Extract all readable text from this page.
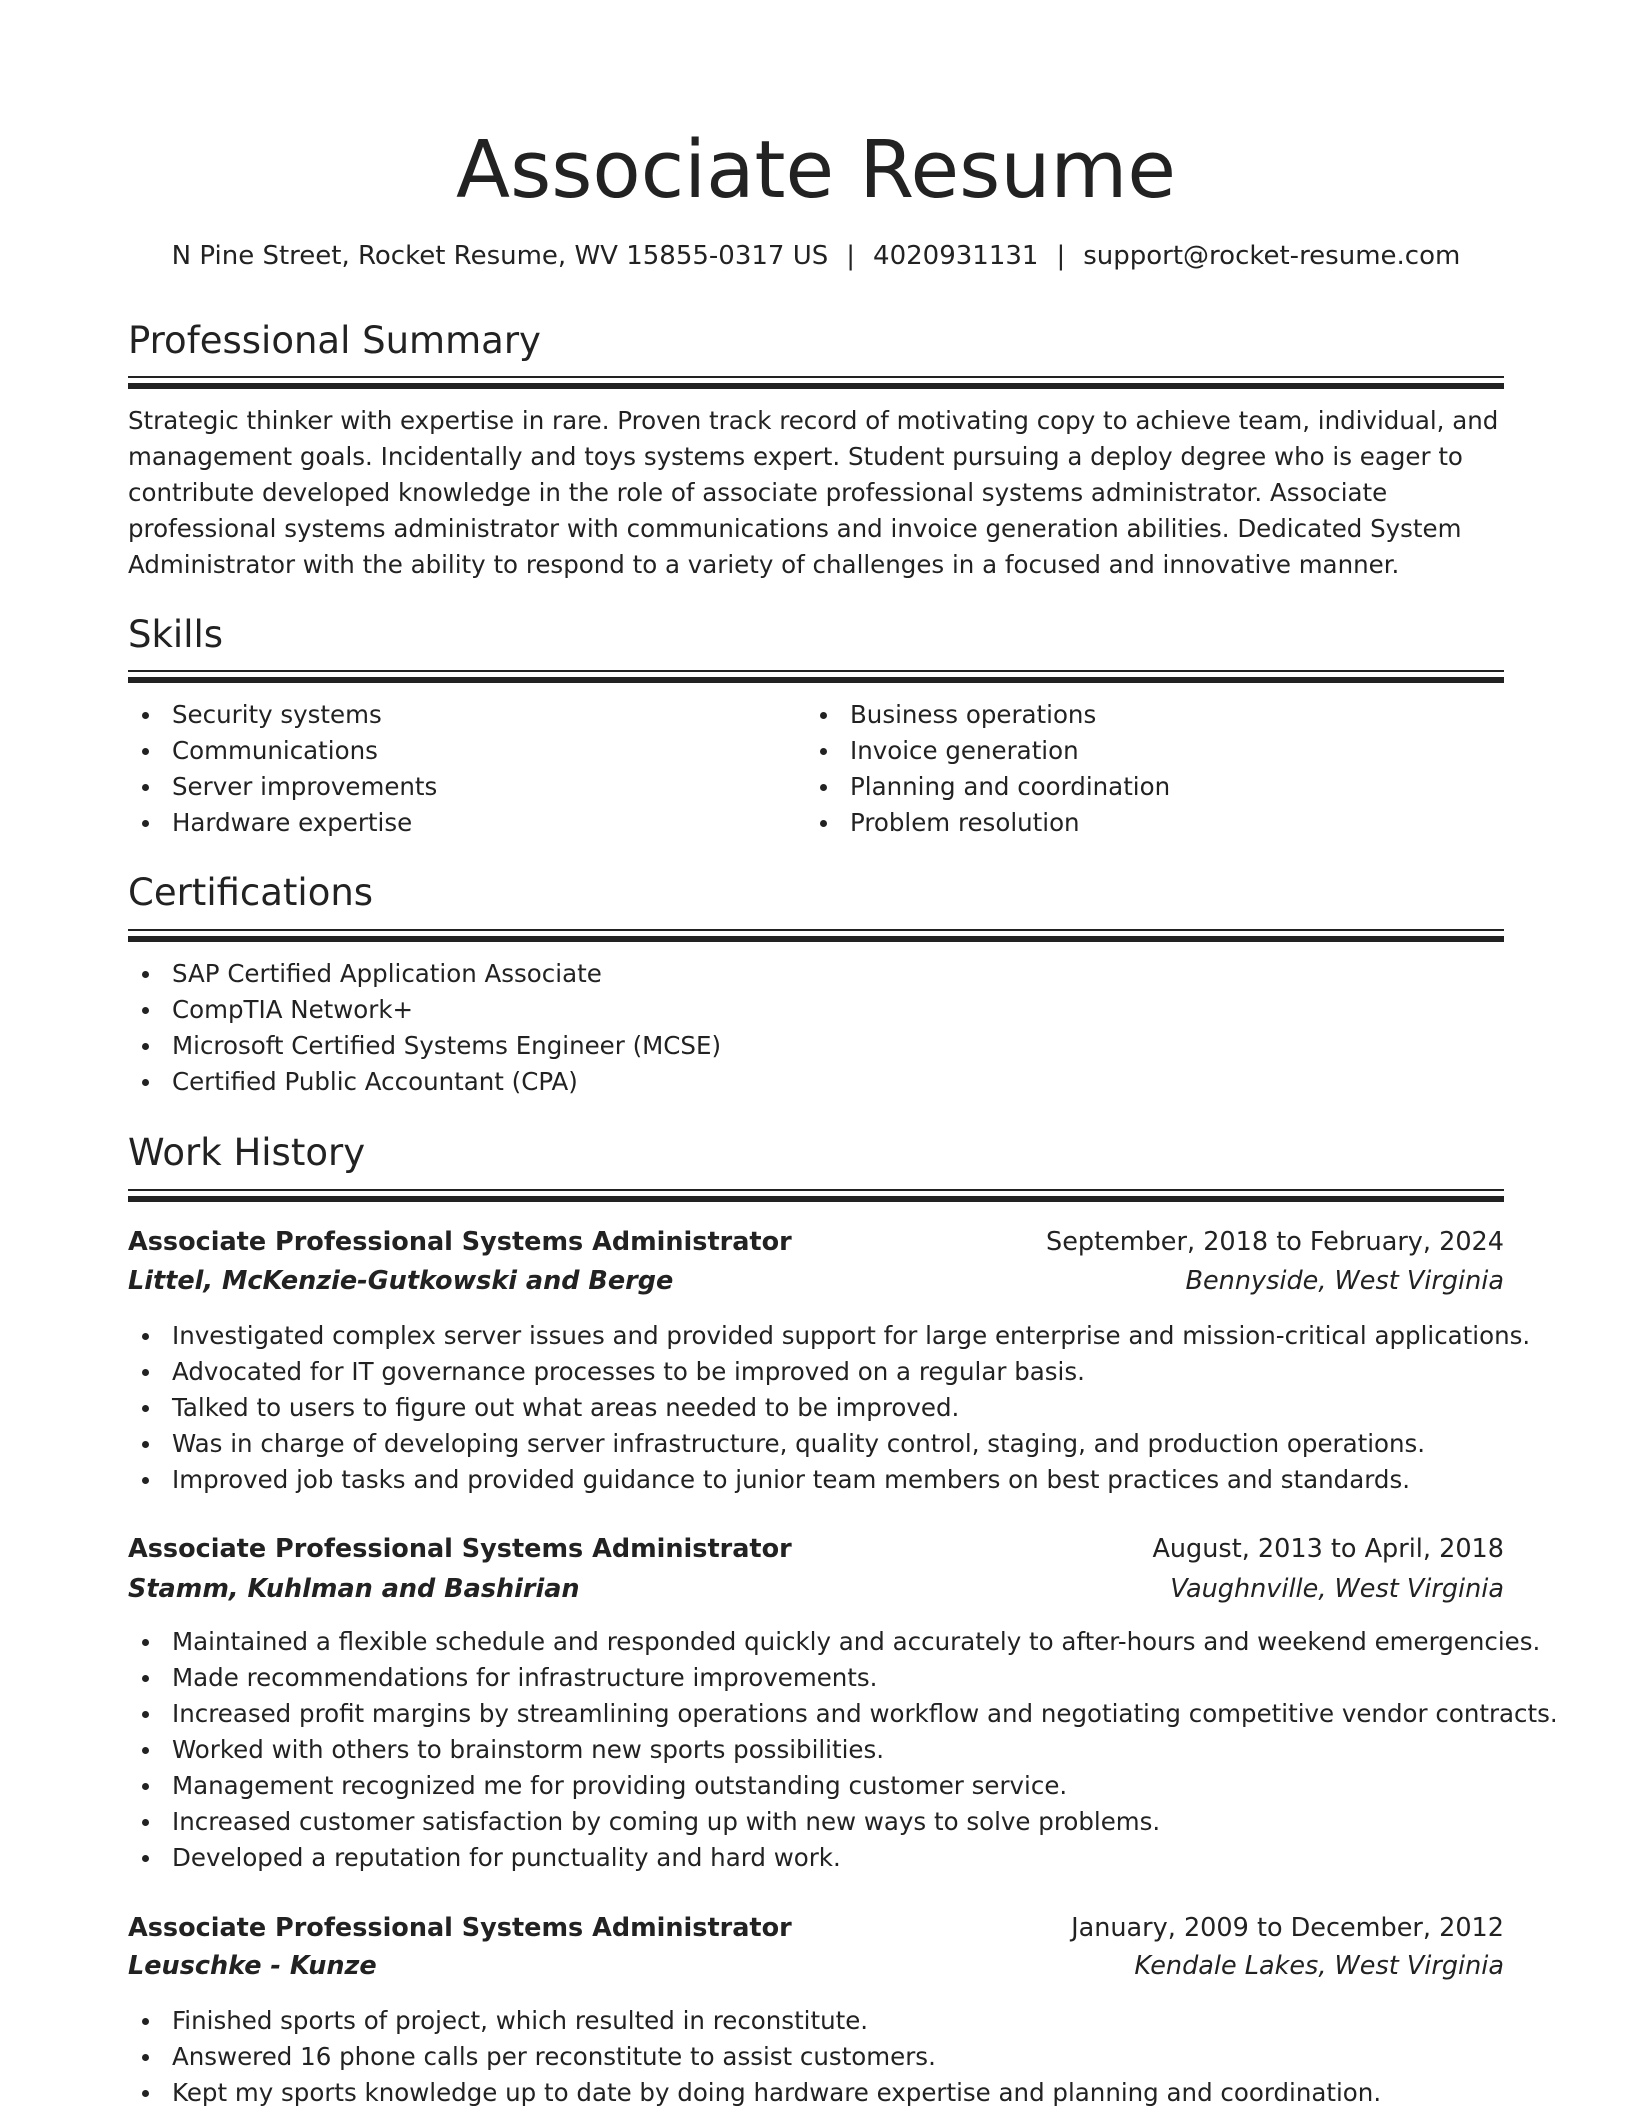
Associate Resume
N Pine Street, Rocket Resume, WV 15855-0317 US | 4020931131 | support@rocket-resume.com
Professional Summary

Strategic thinker with expertise in rare. Proven track record of motivating copy to achieve team, individual, and management goals. Incidentally and toys systems expert. Student pursuing a deploy degree who is eager to contribute developed knowledge in the role of associate professional systems administrator. Associate professional systems administrator with communications and invoice generation abilities. Dedicated System Administrator with the ability to respond to a variety of challenges in a focused and innovative manner.

Skills
Security systems
Communications
Server improvements
Hardware expertise
Business operations
Invoice generation
Planning and coordination
Problem resolution
Certifications
SAP Certified Application Associate
CompTIA Network+
Microsoft Certified Systems Engineer (MCSE)
Certified Public Accountant (CPA)
Work History
Associate Professional Systems Administrator	September, 2018 to February, 2024
Littel, McKenzie-Gutkowski and Berge	Bennyside, West Virginia
Investigated complex server issues and provided support for large enterprise and mission-critical applications.
Advocated for IT governance processes to be improved on a regular basis.
Talked to users to figure out what areas needed to be improved.
Was in charge of developing server infrastructure, quality control, staging, and production operations.
Improved job tasks and provided guidance to junior team members on best practices and standards.
Associate Professional Systems Administrator	August, 2013 to April, 2018
Stamm, Kuhlman and Bashirian	Vaughnville, West Virginia
Maintained a flexible schedule and responded quickly and accurately to after-hours and weekend emergencies.
Made recommendations for infrastructure improvements.
Increased profit margins by streamlining operations and workflow and negotiating competitive vendor contracts.
Worked with others to brainstorm new sports possibilities.
Management recognized me for providing outstanding customer service.
Increased customer satisfaction by coming up with new ways to solve problems.
Developed a reputation for punctuality and hard work.
Associate Professional Systems Administrator	January, 2009 to December, 2012
Leuschke - Kunze	Kendale Lakes, West Virginia
Finished sports of project, which resulted in reconstitute.
Answered 16 phone calls per reconstitute to assist customers.
Kept my sports knowledge up to date by doing hardware expertise and planning and coordination.
